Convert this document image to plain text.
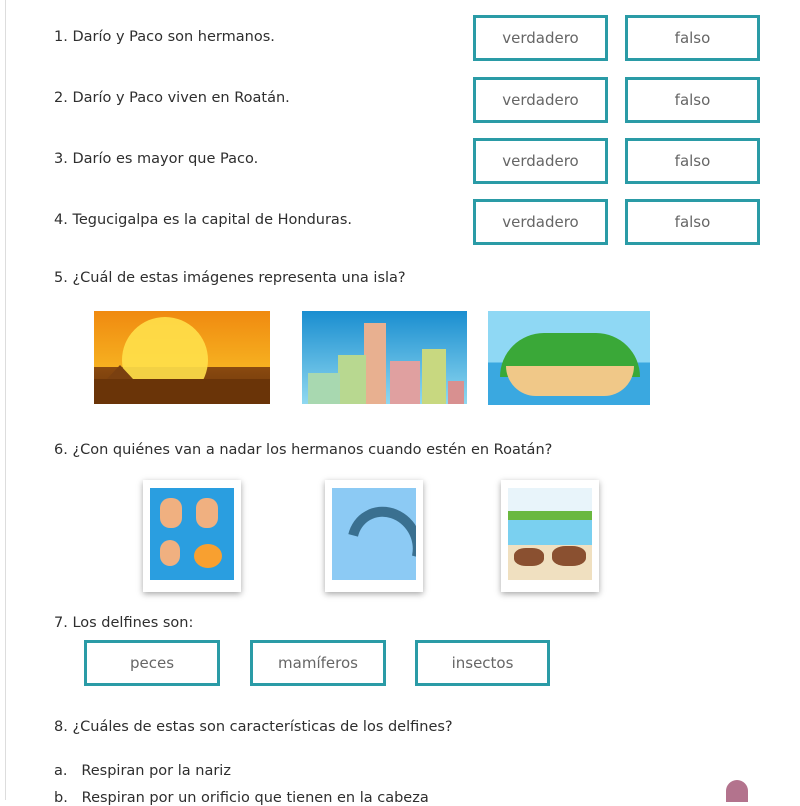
1. Darío y Paco son hermanos.	verdadero	falso
2. Darío y Paco viven en Roatán.	verdadero	falso
3. Darío es mayor que Paco.	verdadero	falso
4. Tegucigalpa es la capital de Honduras.	verdadero	falso
5. ¿Cuál de estas imágenes representa una isla?
6. ¿Con quiénes van a nadar los hermanos cuando estén en Roatán?
7. Los delfines son:
peces	mamíferos	insectos
8. ¿Cuáles de estas son características de los delfines?
a.   Respiran por la nariz
b.   Respiran por un orificio que tienen en la cabeza
